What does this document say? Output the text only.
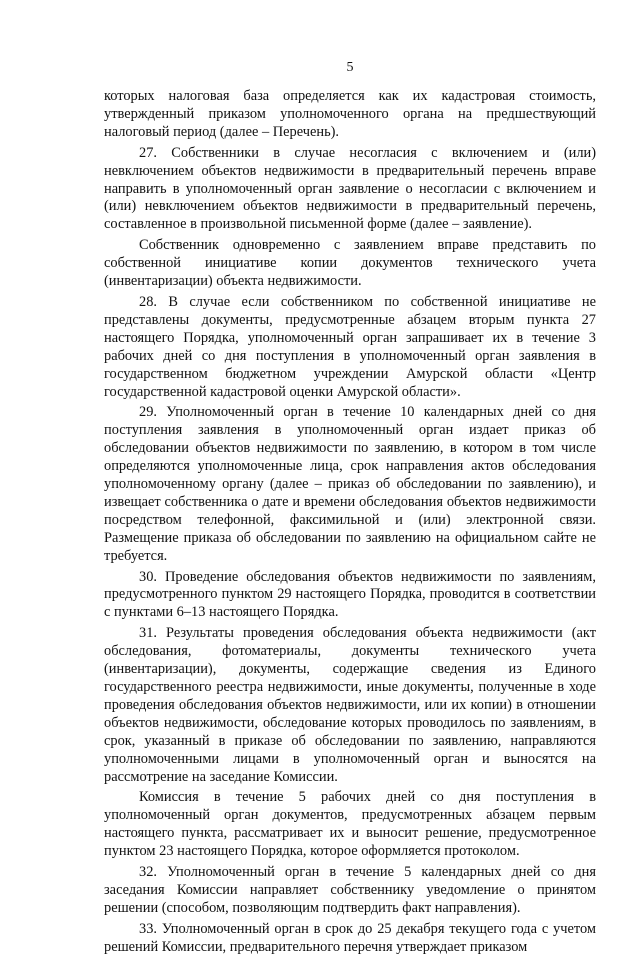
5

которых налоговая база определяется как их кадастровая стоимость, утвержденный приказом уполномоченного органа на предшествующий налоговый период (далее – Перечень).

27. Собственники в случае несогласия с включением и (или) невключением объектов недвижимости в предварительный перечень вправе направить в уполномоченный орган заявление о несогласии с включением и (или) невключением объектов недвижимости в предварительный перечень, составленное в произвольной письменной форме (далее – заявление).

Собственник одновременно с заявлением вправе представить по собственной инициативе копии документов технического учета (инвентаризации) объекта недвижимости.

28. В случае если собственником по собственной инициативе не представлены документы, предусмотренные абзацем вторым пункта 27 настоящего Порядка, уполномоченный орган запрашивает их в течение 3 рабочих дней со дня поступления в уполномоченный орган заявления в государственном бюджетном учреждении Амурской области «Центр государственной кадастровой оценки Амурской области».

29. Уполномоченный орган в течение 10 календарных дней со дня поступления заявления в уполномоченный орган издает приказ об обследовании объектов недвижимости по заявлению, в котором в том числе определяются уполномоченные лица, срок направления актов обследования уполномоченному органу (далее – приказ об обследовании по заявлению), и извещает собственника о дате и времени обследования объектов недвижимости посредством телефонной, факсимильной и (или) электронной связи. Размещение приказа об обследовании по заявлению на официальном сайте не требуется.

30. Проведение обследования объектов недвижимости по заявлениям, предусмотренного пунктом 29 настоящего Порядка, проводится в соответствии с пунктами 6–13 настоящего Порядка.

31. Результаты проведения обследования объекта недвижимости (акт обследования, фотоматериалы, документы технического учета (инвентаризации), документы, содержащие сведения из Единого государственного реестра недвижимости, иные документы, полученные в ходе проведения обследования объектов недвижимости, или их копии) в отношении объектов недвижимости, обследование которых проводилось по заявлениям, в срок, указанный в приказе об обследовании по заявлению, направляются уполномоченными лицами в уполномоченный орган и выносятся на рассмотрение на заседание Комиссии.

Комиссия в течение 5 рабочих дней со дня поступления в уполномоченный орган документов, предусмотренных абзацем первым настоящего пункта, рассматривает их и выносит решение, предусмотренное пунктом 23 настоящего Порядка, которое оформляется протоколом.

32. Уполномоченный орган в течение 5 календарных дней со дня заседания Комиссии направляет собственнику уведомление о принятом решении (способом, позволяющим подтвердить факт направления).

33. Уполномоченный орган в срок до 25 декабря текущего года с учетом решений Комиссии, предварительного перечня утверждает приказом
